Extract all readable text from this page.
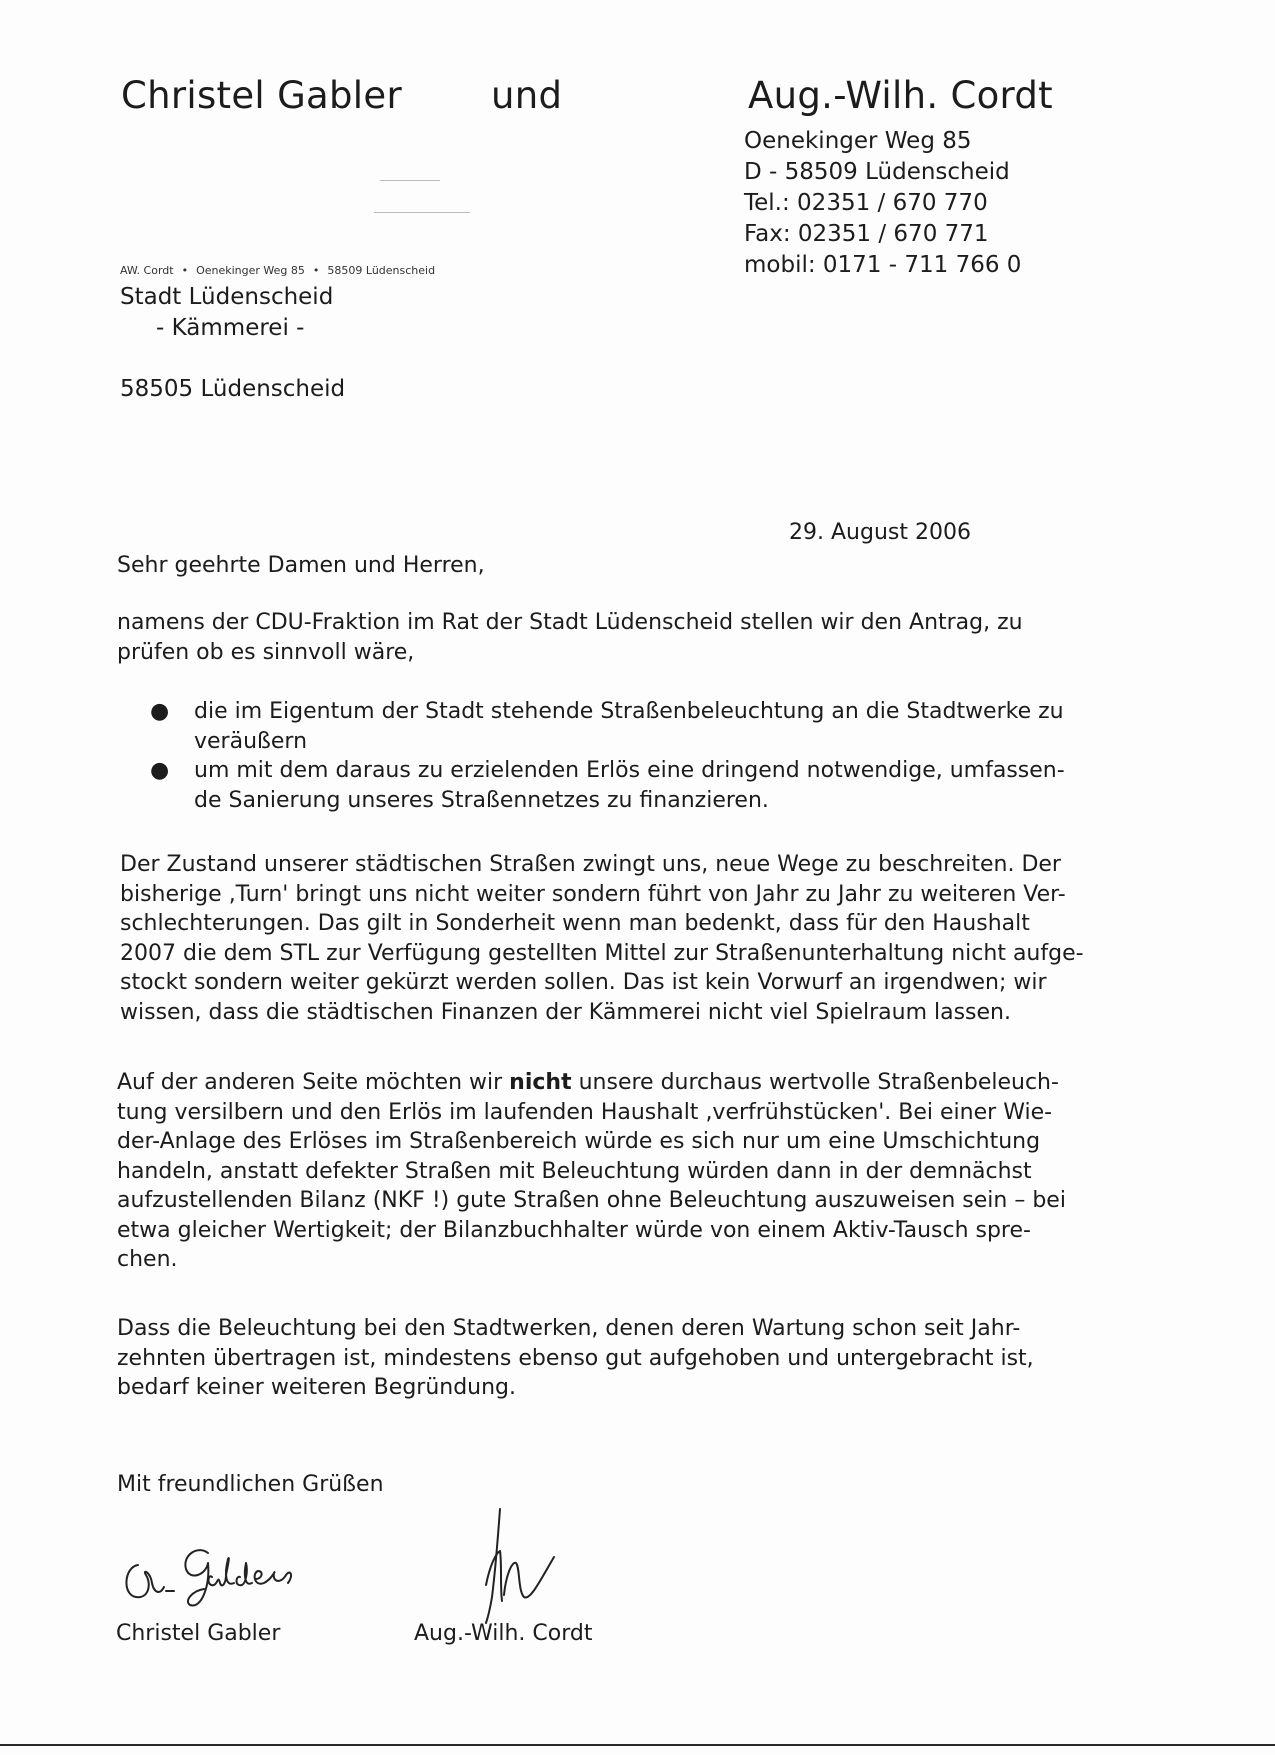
Christel Gabler und	Aug.-Wilh. Cordt
Oenekinger Weg 85
D - 58509 Lüdenscheid
Tel.: 02351 / 670 770
Fax: 02351 / 670 771
mobil: 0171 - 711 766 0
AW. Cordt • Oenekinger Weg 85 • 58509 Lüdenscheid
Stadt Lüdenscheid
- Kämmerei -
58505 Lüdenscheid
29. August 2006
Sehr geehrte Damen und Herren,
namens der CDU-Fraktion im Rat der Stadt Lüdenscheid stellen wir den Antrag, zu
prüfen ob es sinnvoll wäre,
●	die im Eigentum der Stadt stehende Straßenbeleuchtung an die Stadtwerke zu
veräußern
●	um mit dem daraus zu erzielenden Erlös eine dringend notwendige, umfassen-
de Sanierung unseres Straßennetzes zu finanzieren.
Der Zustand unserer städtischen Straßen zwingt uns, neue Wege zu beschreiten. Der
bisherige ‚Turn' bringt uns nicht weiter sondern führt von Jahr zu Jahr zu weiteren Ver-
schlechterungen. Das gilt in Sonderheit wenn man bedenkt, dass für den Haushalt
2007 die dem STL zur Verfügung gestellten Mittel zur Straßenunterhaltung nicht aufge-
stockt sondern weiter gekürzt werden sollen. Das ist kein Vorwurf an irgendwen; wir
wissen, dass die städtischen Finanzen der Kämmerei nicht viel Spielraum lassen.
Auf der anderen Seite möchten wir nicht unsere durchaus wertvolle Straßenbeleuch-
tung versilbern und den Erlös im laufenden Haushalt ‚verfrühstücken'. Bei einer Wie-
der-Anlage des Erlöses im Straßenbereich würde es sich nur um eine Umschichtung
handeln, anstatt defekter Straßen mit Beleuchtung würden dann in der demnächst
aufzustellenden Bilanz (NKF !) gute Straßen ohne Beleuchtung auszuweisen sein – bei
etwa gleicher Wertigkeit; der Bilanzbuchhalter würde von einem Aktiv-Tausch spre-
chen.
Dass die Beleuchtung bei den Stadtwerken, denen deren Wartung schon seit Jahr-
zehnten übertragen ist, mindestens ebenso gut aufgehoben und untergebracht ist,
bedarf keiner weiteren Begründung.
Mit freundlichen Grüßen
Christel Gabler	Aug.-Wilh. Cordt
